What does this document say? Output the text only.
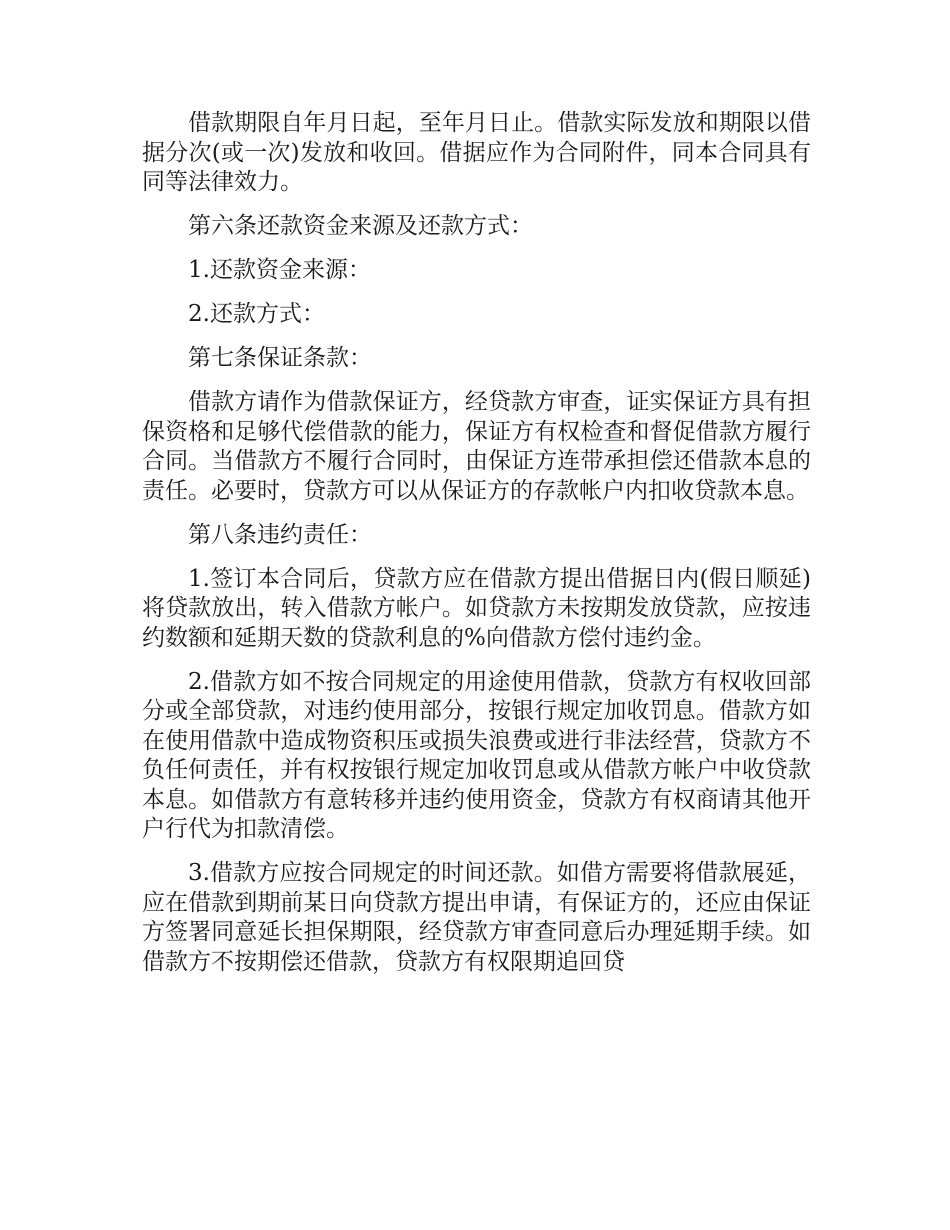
借款期限自年月日起，至年月日止。借款实际发放和期限以借据分次(或一次)发放和收回。借据应作为合同附件，同本合同具有同等法律效力。

第六条还款资金来源及还款方式：

1.还款资金来源：

2.还款方式：

第七条保证条款：

借款方请作为借款保证方，经贷款方审查，证实保证方具有担保资格和足够代偿借款的能力，保证方有权检查和督促借款方履行合同。当借款方不履行合同时，由保证方连带承担偿还借款本息的责任。必要时，贷款方可以从保证方的存款帐户内扣收贷款本息。

第八条违约责任：

1.签订本合同后，贷款方应在借款方提出借据日内(假日顺延)将贷款放出，转入借款方帐户。如贷款方未按期发放贷款，应按违约数额和延期天数的贷款利息的%向借款方偿付违约金。

2.借款方如不按合同规定的用途使用借款，贷款方有权收回部分或全部贷款，对违约使用部分，按银行规定加收罚息。借款方如在使用借款中造成物资积压或损失浪费或进行非法经营，贷款方不负任何责任，并有权按银行规定加收罚息或从借款方帐户中收贷款本息。如借款方有意转移并违约使用资金，贷款方有权商请其他开户行代为扣款清偿。

3.借款方应按合同规定的时间还款。如借方需要将借款展延，应在借款到期前某日向贷款方提出申请，有保证方的，还应由保证方签署同意延长担保期限，经贷款方审查同意后办理延期手续。如借款方不按期偿还借款，贷款方有权限期追回贷
